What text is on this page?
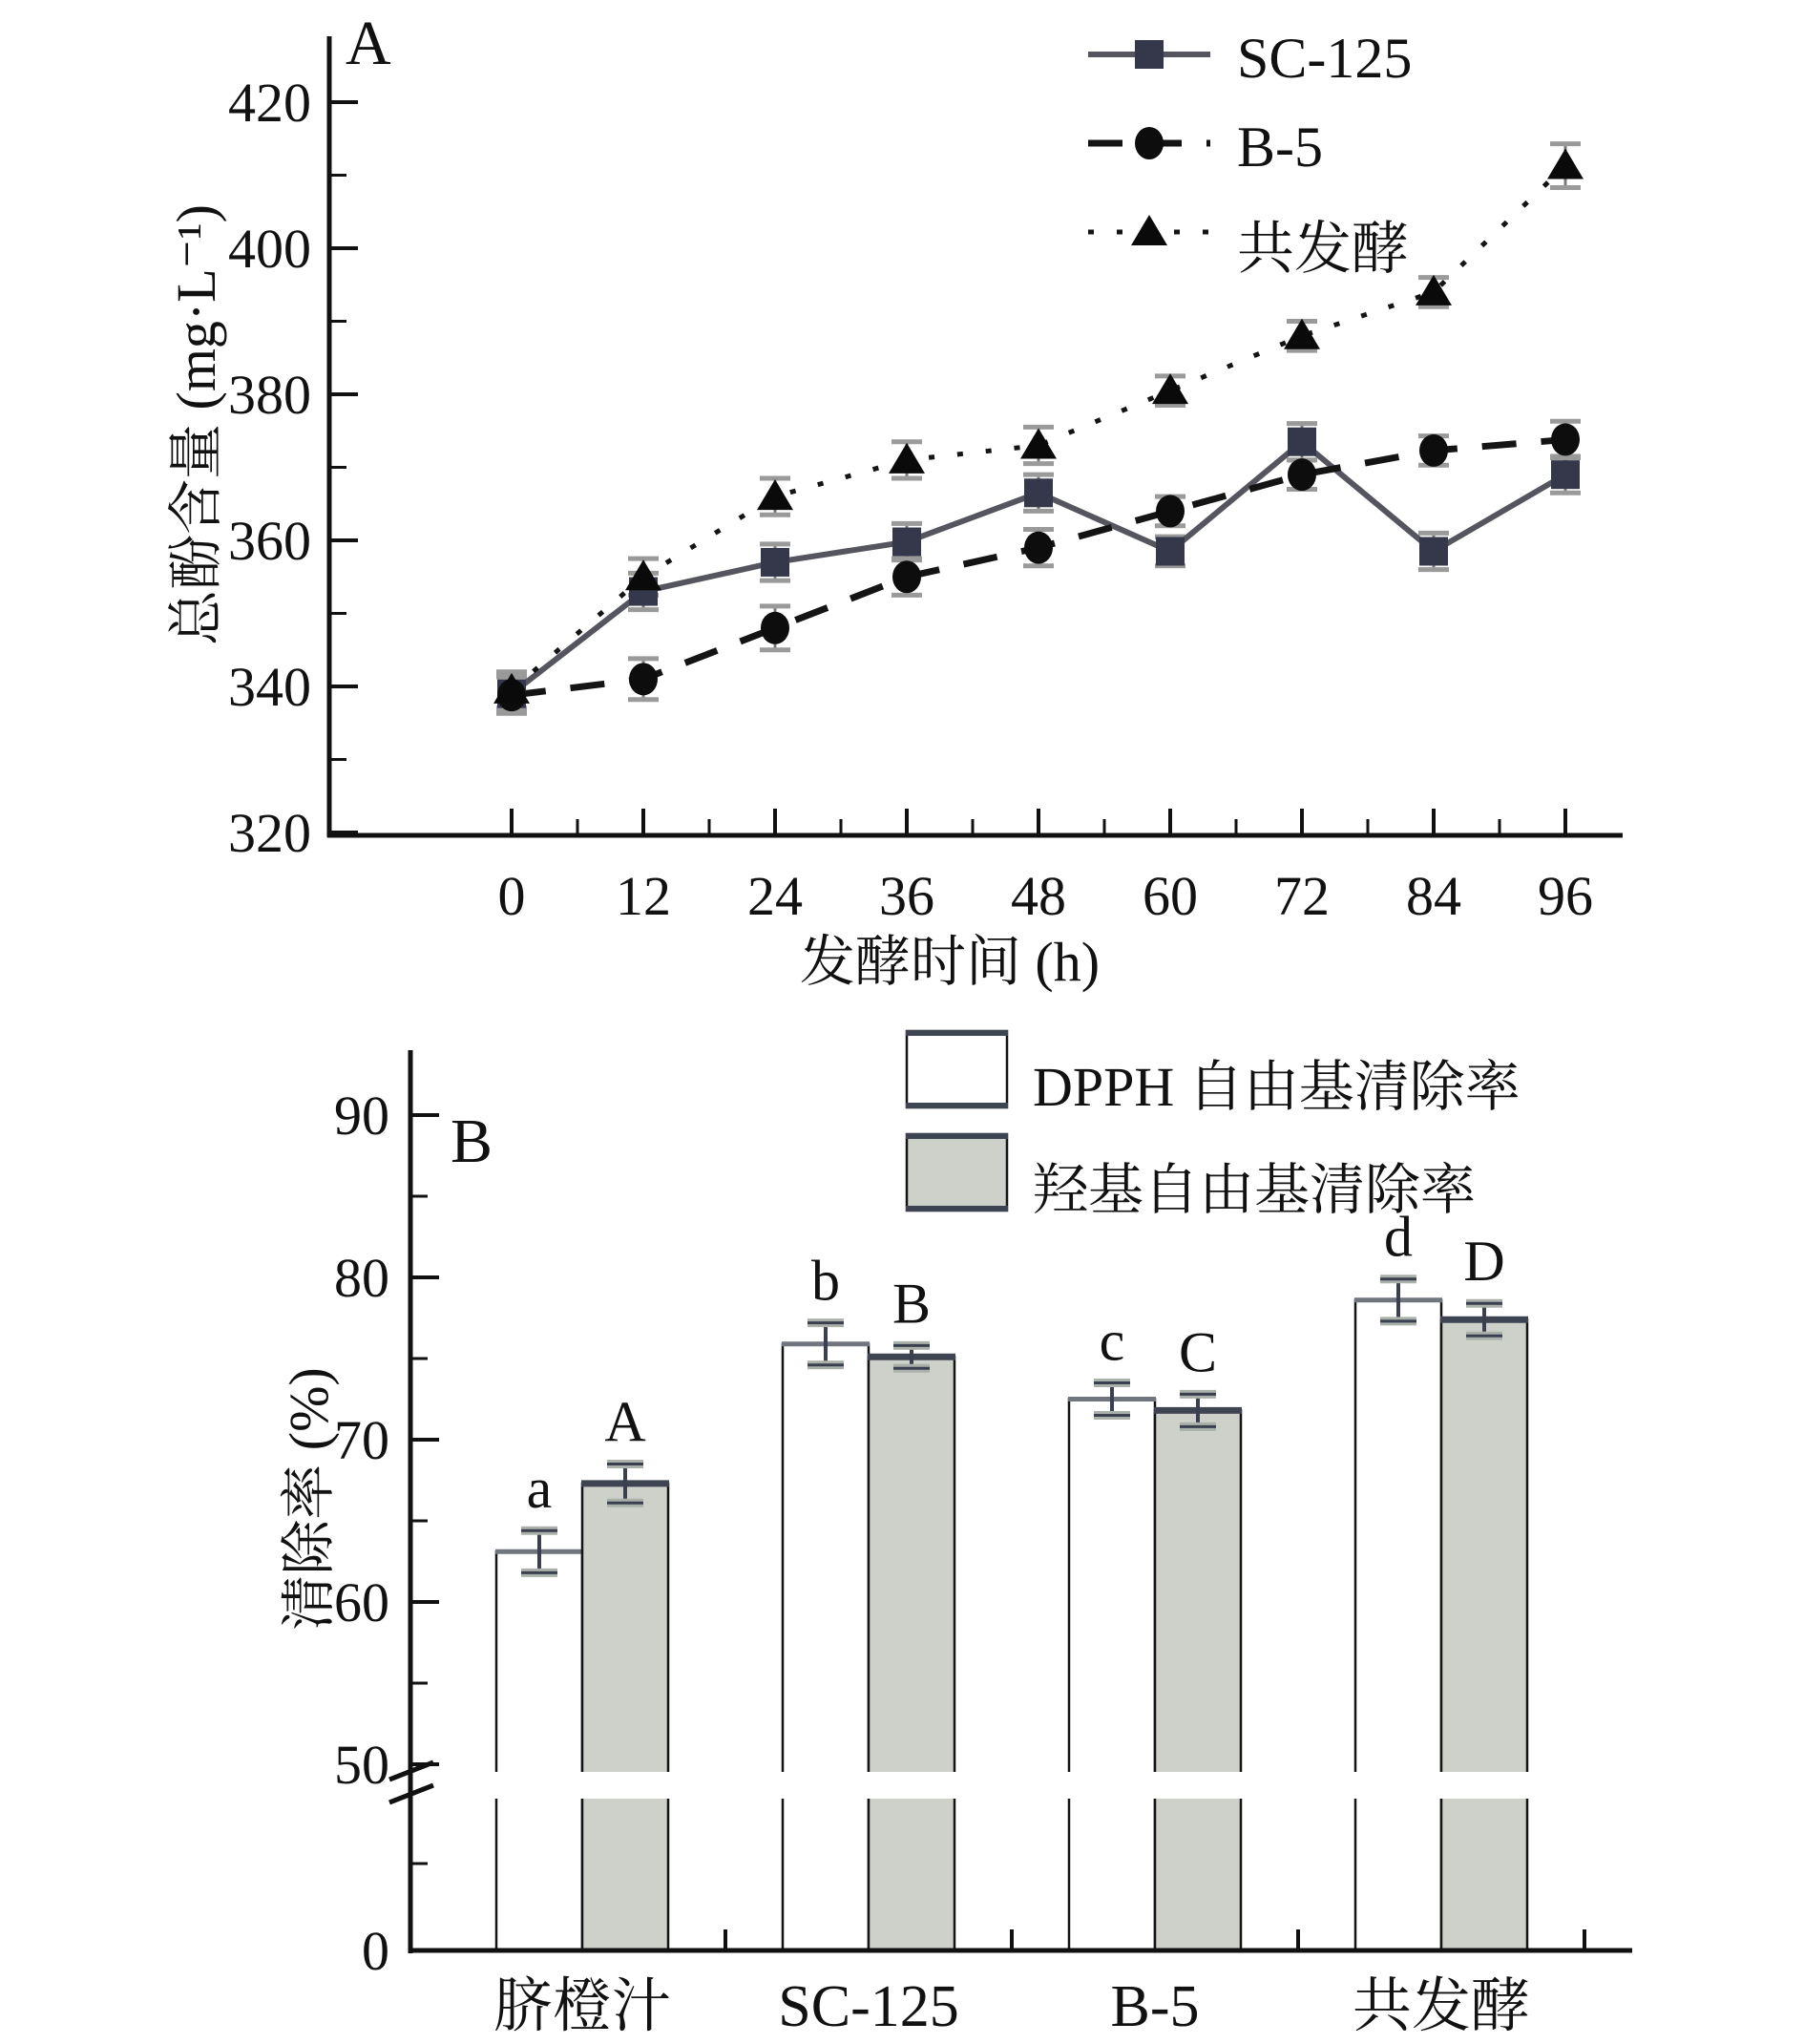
320
340
360
380
400
420
0 12 24 36 48 60 72 84 96
a
b
c
d
A
B
C
D
0
50
60
70
80
90
脐橙汁 SC-125	B-5	共发酵
A
总酚含量 (mg·L⁻¹)
发酵时间 (h)
SC-125
B-5
共发酵
B
清除率 (%)
DPPH 自由基清除率
羟基自由基清除率
